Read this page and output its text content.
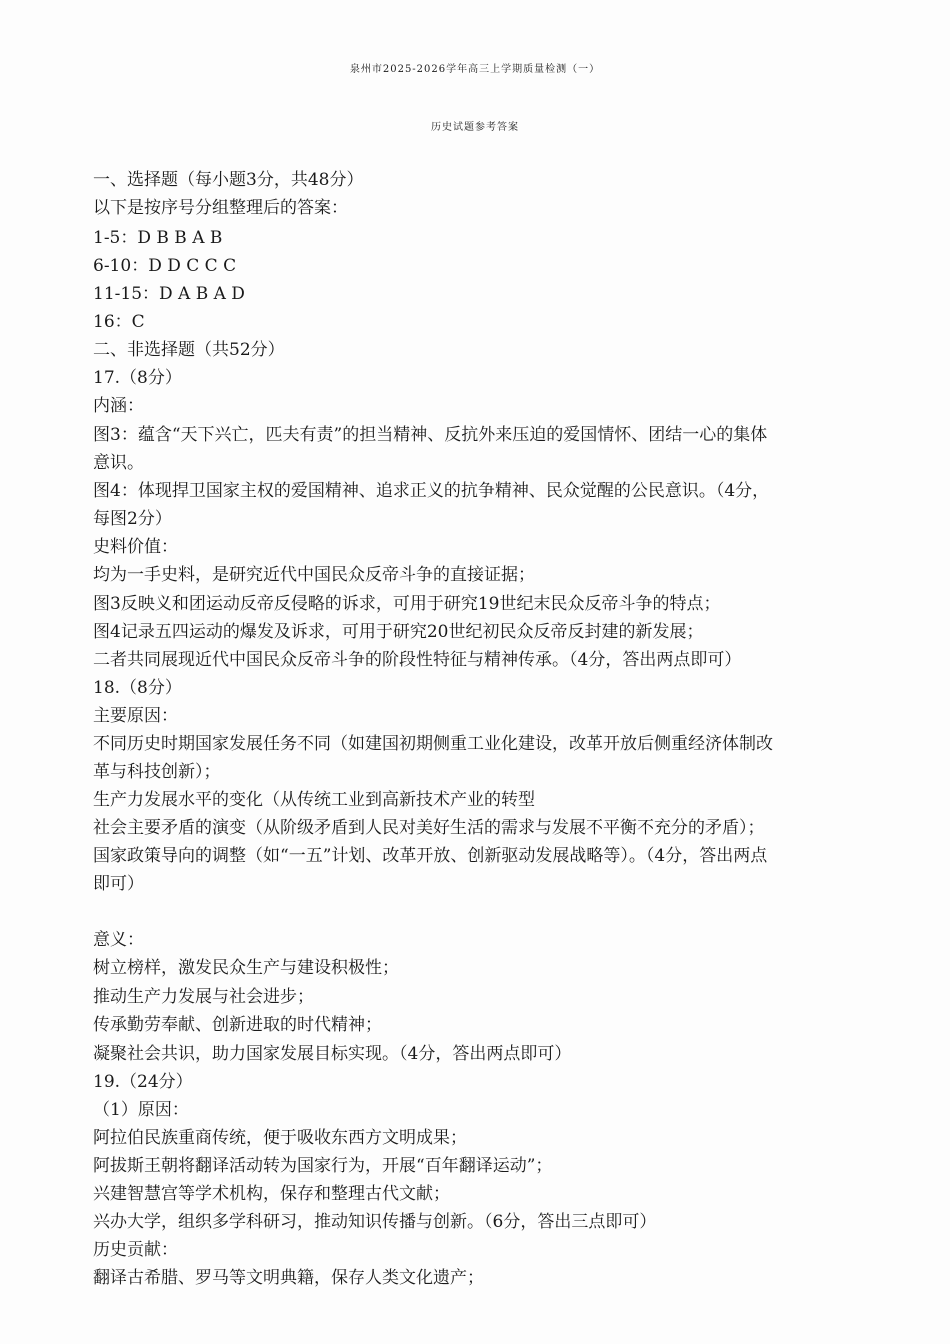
泉州市2025-2026学年高三上学期质量检测（一）
历史试题参考答案
一、选择题（每小题3分，共48分）
以下是按序号分组整理后的答案：
1-5：D B B A B
6-10：D D C C C
11-15：D A B A D
16：C
二、非选择题（共52分）
17.（8分）
内涵：
图3：蕴含“天下兴亡，匹夫有责”的担当精神、反抗外来压迫的爱国情怀、团结一心的集体
意识。
图4：体现捍卫国家主权的爱国精神、追求正义的抗争精神、民众觉醒的公民意识。（4分，
每图2分）
史料价值：
均为一手史料，是研究近代中国民众反帝斗争的直接证据；
图3反映义和团运动反帝反侵略的诉求，可用于研究19世纪末民众反帝斗争的特点；
图4记录五四运动的爆发及诉求，可用于研究20世纪初民众反帝反封建的新发展；
二者共同展现近代中国民众反帝斗争的阶段性特征与精神传承。（4分，答出两点即可）
18.（8分）
主要原因：
不同历史时期国家发展任务不同（如建国初期侧重工业化建设，改革开放后侧重经济体制改
革与科技创新）；
生产力发展水平的变化（从传统工业到高新技术产业的转型
社会主要矛盾的演变（从阶级矛盾到人民对美好生活的需求与发展不平衡不充分的矛盾）；
国家政策导向的调整（如“一五”计划、改革开放、创新驱动发展战略等）。（4分，答出两点
即可）
意义：
树立榜样，激发民众生产与建设积极性；
推动生产力发展与社会进步；
传承勤劳奉献、创新进取的时代精神；
凝聚社会共识，助力国家发展目标实现。（4分，答出两点即可）
19.（24分）
（1）原因：
阿拉伯民族重商传统，便于吸收东西方文明成果；
阿拔斯王朝将翻译活动转为国家行为，开展“百年翻译运动”；
兴建智慧宫等学术机构，保存和整理古代文献；
兴办大学，组织多学科研习，推动知识传播与创新。（6分，答出三点即可）
历史贡献：
翻译古希腊、罗马等文明典籍，保存人类文化遗产；
